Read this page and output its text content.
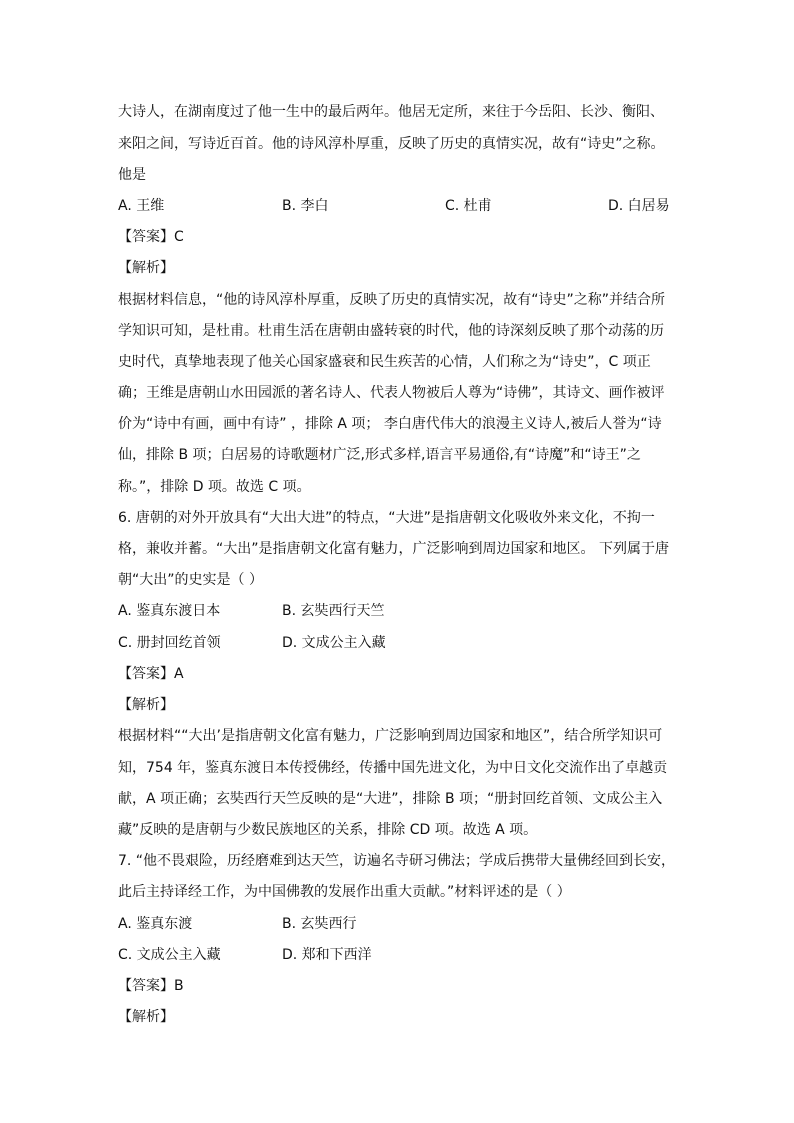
大诗人，在湖南度过了他一生中的最后两年。他居无定所，来往于今岳阳、长沙、衡阳、
来阳之间，写诗近百首。他的诗风淳朴厚重，反映了历史的真情实况，故有“诗史”之称。
他是
A. 王维	B. 李白	C. 杜甫	D. 白居易
【答案】C
【解析】
根据材料信息，“他的诗风淳朴厚重，反映了历史的真情实况，故有“诗史”之称”并结合所
学知识可知，是杜甫。杜甫生活在唐朝由盛转衰的时代，他的诗深刻反映了那个动荡的历
史时代，真挚地表现了他关心国家盛衰和民生疾苦的心情，人们称之为“诗史”，C 项正
确；王维是唐朝山水田园派的著名诗人、代表人物被后人尊为“诗佛”，其诗文、画作被评
价为“诗中有画，画中有诗” ，排除 A 项； 李白唐代伟大的浪漫主义诗人,被后人誉为“诗
仙，排除 B 项；白居易的诗歌题材广泛,形式多样,语言平易通俗,有“诗魔”和“诗王”之
称。”，排除 D 项。故选 C 项。
6. 唐朝的对外开放具有“大出大进”的特点，“大进”是指唐朝文化吸收外来文化，不拘一
格，兼收并蓄。“大出”是指唐朝文化富有魅力，广泛影响到周边国家和地区。 下列属于唐
朝“大出”的史实是（ ）
A. 鉴真东渡日本	B. 玄奘西行天竺
C. 册封回纥首领	D. 文成公主入藏
【答案】A
【解析】
根据材料““大出’是指唐朝文化富有魅力，广泛影响到周边国家和地区”，结合所学知识可
知，754 年，鉴真东渡日本传授佛经，传播中国先进文化，为中日文化交流作出了卓越贡
献，A 项正确；玄奘西行天竺反映的是“大进”，排除 B 项；“册封回纥首领、文成公主入
藏”反映的是唐朝与少数民族地区的关系，排除 CD 项。故选 A 项。
7. “他不畏艰险，历经磨难到达天竺，访遍名寺研习佛法；学成后携带大量佛经回到长安，
此后主持译经工作，为中国佛教的发展作出重大贡献。”材料评述的是（ ）
A. 鉴真东渡	B. 玄奘西行
C. 文成公主入藏	D. 郑和下西洋
【答案】B
【解析】
